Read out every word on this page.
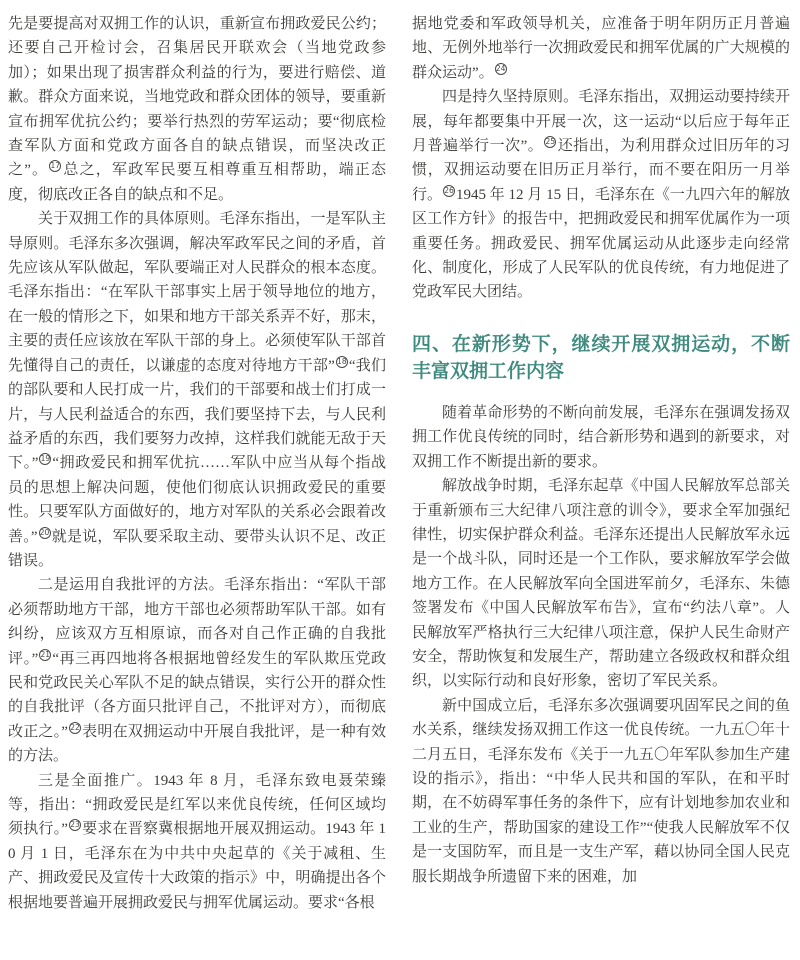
先是要提高对双拥工作的认识，重新宣布拥政爱民公约；还要自己开检讨会，召集居民开联欢会（当地党政参加）；如果出现了损害群众利益的行为，要进行赔偿、道歉。群众方面来说，当地党政和群众团体的领导，要重新宣布拥军优抗公约；要举行热烈的劳军运动；要“彻底检查军队方面和党政方面各自的缺点错误，而坚决改正之”。 $^{17}$ 总之，军政军民要互相尊重互相帮助，端正态度，彻底改正各自的缺点和不足。

关于双拥工作的具体原则。毛泽东指出，一是军队主导原则。毛泽东多次强调，解决军政军民之间的矛盾，首先应该从军队做起，军队要端正对人民群众的根本态度。毛泽东指出：“在军队干部事实上居于领导地位的地方，在一般的情形之下，如果和地方干部关系弄不好，那末，主要的责任应该放在军队干部的身上。必须使军队干部首先懂得自己的责任，以谦虚的态度对待地方干部” $^{18}$ “我们的部队要和人民打成一片，我们的干部要和战士们打成一片，与人民利益适合的东西，我们要坚持下去，与人民利益矛盾的东西，我们要努力改掉，这样我们就能无敌于天下。” $^{19}$ “拥政爱民和拥军优抗……军队中应当从每个指战员的思想上解决问题，使他们彻底认识拥政爱民的重要性。只要军队方面做好的，地方对军队的关系必会跟着改善。” $^{20}$ 就是说，军队要采取主动、要带头认识不足、改正错误。

二是运用自我批评的方法。毛泽东指出：“军队干部必须帮助地方干部，地方干部也必须帮助军队干部。如有纠纷，应该双方互相原谅，而各对自己作正确的自我批评。” $^{21}$ “再三再四地将各根据地曾经发生的军队欺压党政民和党政民关心军队不足的缺点错误，实行公开的群众性的自我批评（各方面只批评自己，不批评对方），而彻底改正之。” $^{22}$ 表明在双拥运动中开展自我批评，是一种有效的方法。

三是全面推广。1943 年 8 月，毛泽东致电聂荣臻等，指出：“拥政爱民是红军以来优良传统，任何区域均须执行。” $^{23}$ 要求在晋察冀根据地开展双拥运动。1943 年 10 月 1 日，毛泽东在为中共中央起草的《关于减租、生产、拥政爱民及宣传十大政策的指示》中，明确提出各个根据地要普遍开展拥政爱民与拥军优属运动。要求“各根

据地党委和军政领导机关，应准备于明年阴历正月普遍地、无例外地举行一次拥政爱民和拥军优属的广大规模的群众运动”。 $^{24}$

四是持久坚持原则。毛泽东指出，双拥运动要持续开展，每年都要集中开展一次，这一运动“以后应于每年正月普遍举行一次”。 $^{25}$ 还指出，为利用群众过旧历年的习惯，双拥运动要在旧历正月举行，而不要在阳历一月举行。 $^{26}$ 1945 年 12 月 15 日，毛泽东在《一九四六年的解放区工作方针》的报告中，把拥政爱民和拥军优属作为一项重要任务。拥政爱民、拥军优属运动从此逐步走向经常化、制度化，形成了人民军队的优良传统，有力地促进了党政军民大团结。

四、在新形势下，继续开展双拥运动，不断丰富双拥工作内容

随着革命形势的不断向前发展，毛泽东在强调发扬双拥工作优良传统的同时，结合新形势和遇到的新要求，对双拥工作不断提出新的要求。

解放战争时期，毛泽东起草《中国人民解放军总部关于重新颁布三大纪律八项注意的训令》，要求全军加强纪律性，切实保护群众利益。毛泽东还提出人民解放军永远是一个战斗队，同时还是一个工作队，要求解放军学会做地方工作。在人民解放军向全国进军前夕，毛泽东、朱德签署发布《中国人民解放军布告》，宣布“约法八章”。人民解放军严格执行三大纪律八项注意，保护人民生命财产安全，帮助恢复和发展生产，帮助建立各级政权和群众组织，以实际行动和良好形象，密切了军民关系。

新中国成立后，毛泽东多次强调要巩固军民之间的鱼水关系，继续发扬双拥工作这一优良传统。一九五〇年十二月五日，毛泽东发布《关于一九五〇年军队参加生产建设的指示》，指出：“中华人民共和国的军队，在和平时期，在不妨碍军事任务的条件下，应有计划地参加农业和工业的生产，帮助国家的建设工作”“使我人民解放军不仅是一支国防军，而且是一支生产军，藉以协同全国人民克服长期战争所遗留下来的困难，加
